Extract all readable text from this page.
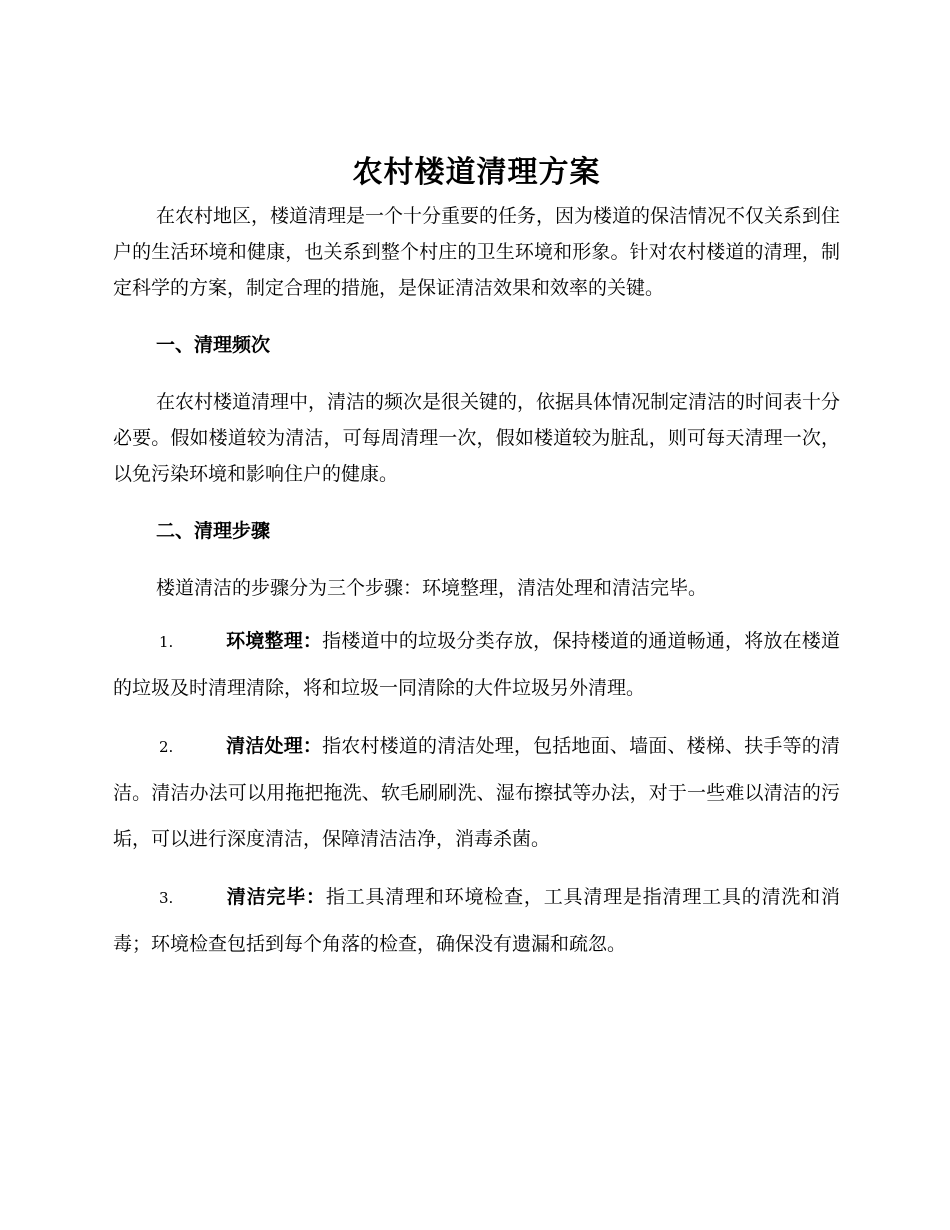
农村楼道清理方案

在农村地区，楼道清理是一个十分重要的任务，因为楼道的保洁情况不仅关系到住户的生活环境和健康，也关系到整个村庄的卫生环境和形象。针对农村楼道的清理，制定科学的方案，制定合理的措施，是保证清洁效果和效率的关键。

一、清理频次

在农村楼道清理中，清洁的频次是很关键的，依据具体情况制定清洁的时间表十分必要。假如楼道较为清洁，可每周清理一次，假如楼道较为脏乱，则可每天清理一次，以免污染环境和影响住户的健康。

二、清理步骤

楼道清洁的步骤分为三个步骤：环境整理，清洁处理和清洁完毕。

1.	环境整理：指楼道中的垃圾分类存放，保持楼道的通道畅通，将放在楼道的垃圾及时清理清除，将和垃圾一同清除的大件垃圾另外清理。

2.	清洁处理：指农村楼道的清洁处理，包括地面、墙面、楼梯、扶手等的清洁。清洁办法可以用拖把拖洗、软毛刷刷洗、湿布擦拭等办法，对于一些难以清洁的污垢，可以进行深度清洁，保障清洁洁净，消毒杀菌。

3.	清洁完毕：指工具清理和环境检查，工具清理是指清理工具的清洗和消毒；环境检查包括到每个角落的检查，确保没有遗漏和疏忽。
